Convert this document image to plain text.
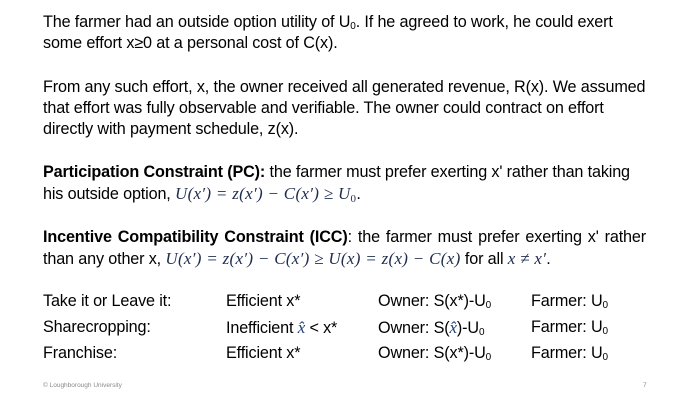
The farmer had an outside option utility of $U_0$. If he agreed to work, he could exert some effort x≥0 at a personal cost of C(x).

From any such effort, x, the owner received all generated revenue, R(x). We assumed that effort was fully observable and verifiable. The owner could contract on effort directly with payment schedule, z(x).

Participation Constraint (PC): the farmer must prefer exerting x' rather than taking his outside option, $U(x') = z(x') - C(x') \ge U_0$.

Incentive Compatibility Constraint (ICC): the farmer must prefer exerting x' rather than any other x, U(x′) = z(x′) − C(x′) ≥ U(x) = z(x) − C(x) for all x ≠ x′.

Take it or Leave it:	Efficient x*	Owner: $S(x*)-U_0$ Farmer: $U_0$
Sharecropping:	Inefficient x̂ < x*	Owner: $S(x̂)-U_0$	Farmer: $U_0$
Franchise:	Efficient x*	Owner: $S(x*)-U_0$ Farmer: $U_0$
© Loughborough University	7
